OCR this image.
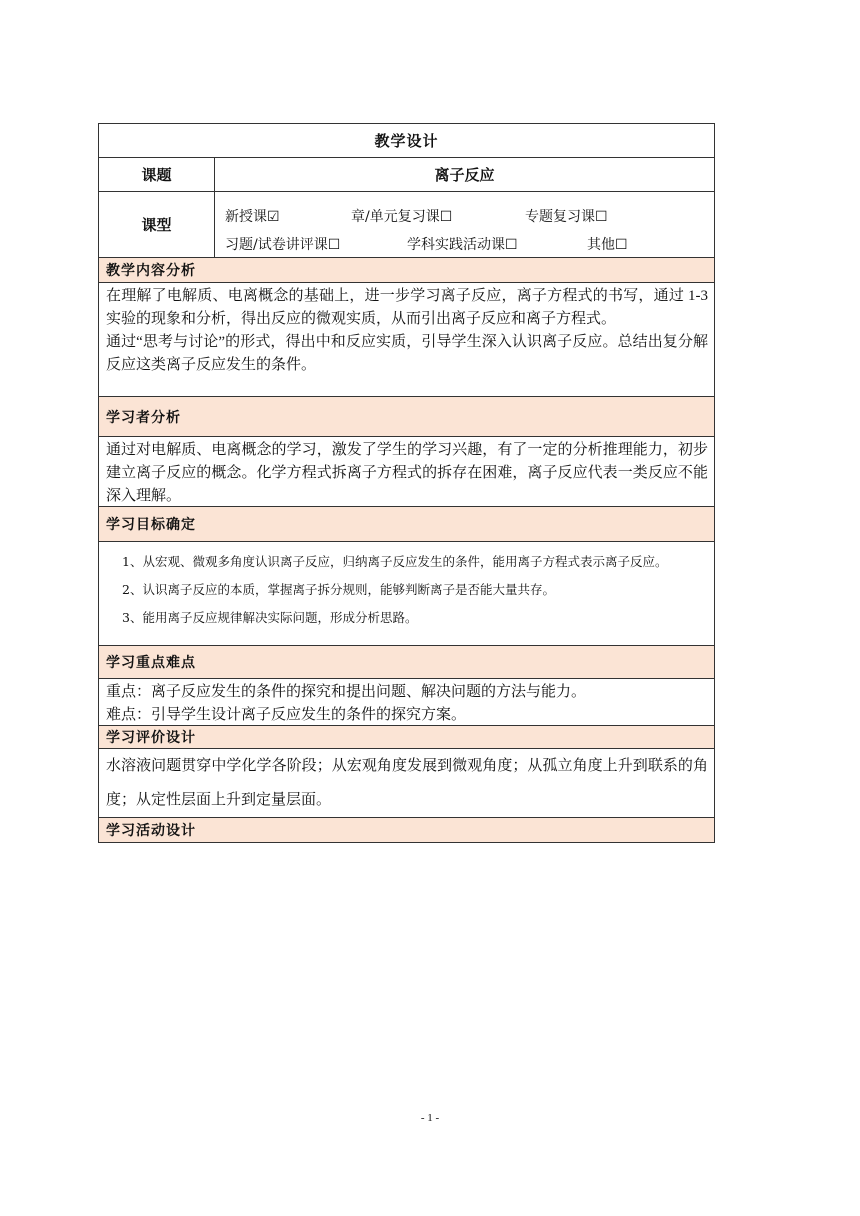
教学设计
课题	离子反应
课型	新授课☑	章/单元复习课☐	专题复习课☐
习题/试卷讲评课☐	学科实践活动课☐	其他☐
教学内容分析

在理解了电解质、电离概念的基础上，进一步学习离子反应，离子方程式的书写，通过 1-3 实验的现象和分析，得出反应的微观实质，从而引出离子反应和离子方程式。

通过“思考与讨论”的形式，得出中和反应实质，引导学生深入认识离子反应。总结出复分解反应这类离子反应发生的条件。

学习者分析

通过对电解质、电离概念的学习，激发了学生的学习兴趣，有了一定的分析推理能力，初步建立离子反应的概念。化学方程式拆离子方程式的拆存在困难，离子反应代表一类反应不能深入理解。

学习目标确定

1、从宏观、微观多角度认识离子反应，归纳离子反应发生的条件，能用离子方程式表示离子反应。

2、认识离子反应的本质，掌握离子拆分规则，能够判断离子是否能大量共存。

3、能用离子反应规律解决实际问题，形成分析思路。

学习重点难点

重点：离子反应发生的条件的探究和提出问题、解决问题的方法与能力。

难点：引导学生设计离子反应发生的条件的探究方案。

学习评价设计

水溶液问题贯穿中学化学各阶段；从宏观角度发展到微观角度；从孤立角度上升到联系的角度；从定性层面上升到定量层面。

学习活动设计
- 1 -
